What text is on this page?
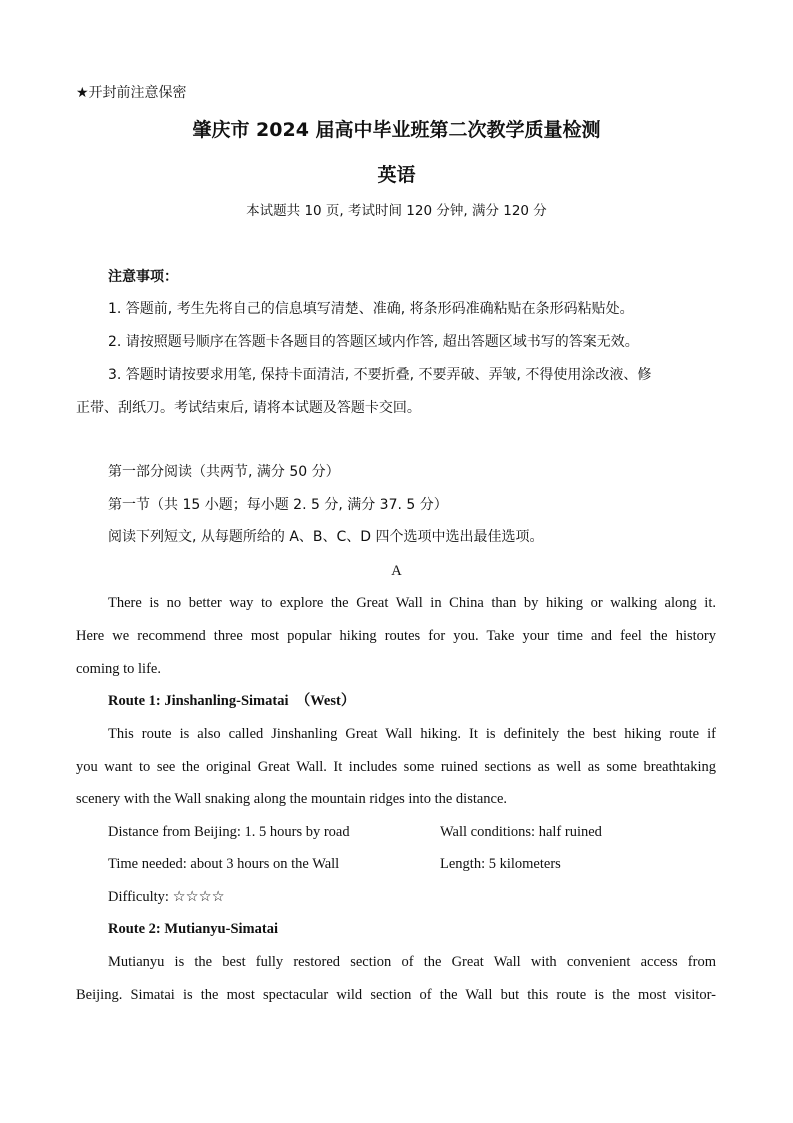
★开封前注意保密
肇庆市 2024 届高中毕业班第二次教学质量检测
英语
本试题共 10 页, 考试时间 120 分钟, 满分 120 分
注意事项：
1. 答题前, 考生先将自己的信息填写清楚、准确, 将条形码准确粘贴在条形码粘贴处。
2. 请按照题号顺序在答题卡各题目的答题区域内作答, 超出答题区域书写的答案无效。
3. 答题时请按要求用笔, 保持卡面清洁, 不要折叠, 不要弄破、弄皱, 不得使用涂改液、修
正带、刮纸刀。考试结束后, 请将本试题及答题卡交回。
第一部分阅读（共两节, 满分 50 分）
第一节（共 15 小题；每小题 2. 5 分, 满分 37. 5 分）
阅读下列短文, 从每题所给的 A、B、C、D 四个选项中选出最佳选项。
A
There is no better way to explore the Great Wall in China than by hiking or walking along it.
Here we recommend three most popular hiking routes for you. Take your time and feel the history
coming to life.
Route 1: Jinshanling-Simatai　（West）
This route is also called Jinshanling Great Wall hiking. It is definitely the best hiking route if
you want to see the original Great Wall. It includes some ruined sections as well as some breathtaking
scenery with the Wall snaking along the mountain ridges into the distance.
Distance from Beijing: 1. 5 hours by road	Wall conditions: half ruined
Time needed: about 3 hours on the Wall	Length: 5 kilometers
Difficulty: ☆☆☆☆
Route 2: Mutianyu-Simatai
Mutianyu is the best fully restored section of the Great Wall with convenient access from
Beijing. Simatai is the most spectacular wild section of the Wall but this route is the most visitor-
